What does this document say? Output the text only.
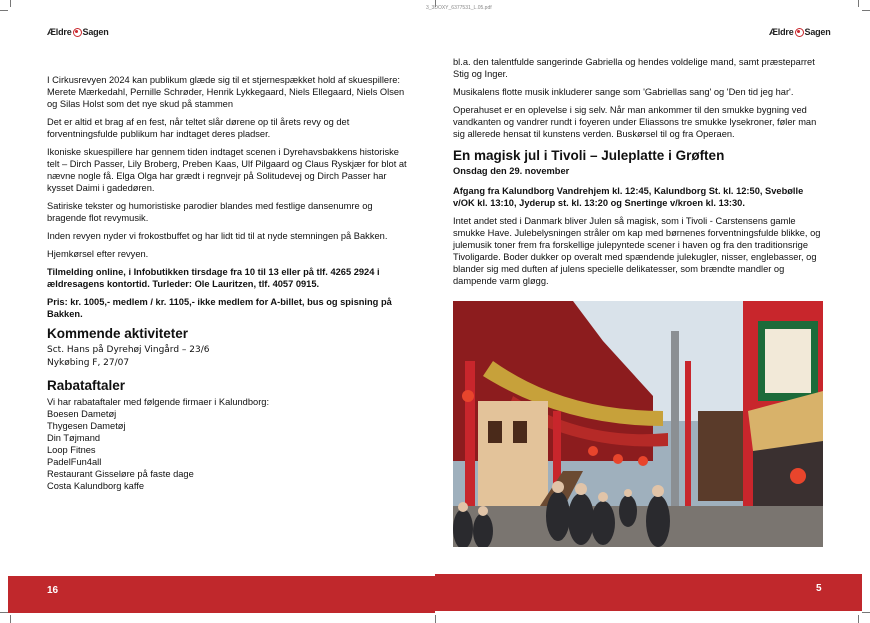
3_3DOXY_6377531_L.05.pdf
Ældre Sagen

I Cirkusrevyen 2024 kan publikum glæde sig til et stjernespækket hold af skuespillere: Merete Mærkedahl, Pernille Schrøder, Henrik Lykkegaard, Niels Ellegaard, Niels Olsen og Silas Holst som det nye skud på stammen

Det er altid et brag af en fest, når teltet slår dørene op til årets revy og det forventningsfulde publikum har indtaget deres pladser.

Ikoniske skuespillere har gennem tiden indtaget scenen i Dyrehavsbakkens historiske telt – Dirch Passer, Lily Broberg, Preben Kaas, Ulf Pilgaard og Claus Ryskjær for blot at nævne nogle få. Elga Olga har grædt i regnvejr på Solitudevej og Dirch Passer har kysset Daimi i gadedøren.

Satiriske tekster og humoristiske parodier blandes med festlige dansenumre og bragende flot revymusik.

Inden revyen nyder vi frokostbuffet og har lidt tid til at nyde stemningen på Bakken.

Hjemkørsel efter revyen.

Tilmelding online, i Infobutikken tirsdage fra 10 til 13 eller på tlf. 4265 2924 i ældresagens kontortid. Turleder: Ole Lauritzen, tlf. 4057 0915.

Pris: kr. 1005,- medlem / kr. 1105,- ikke medlem for A-billet, bus og spisning på Bakken.

Kommende aktiviteter
Sct. Hans på Dyrehøj Vingård – 23/6
Nykøbing F, 27/07
Rabataftaler
Vi har rabataftaler med følgende firmaer i Kalundborg:
Boesen Dametøj
Thygesen Dametøj
Din Tøjmand
Loop Fitnes
PadelFun4all
Restaurant Gisseløre på faste dage
Costa Kalundborg kaffe
16
Ældre Sagen

bl.a. den talentfulde sangerinde Gabriella og hendes voldelige mand, samt præsteparret Stig og Inger.

Musikalens flotte musik inkluderer sange som 'Gabriellas sang' og 'Den tid jeg har'.

Operahuset er en oplevelse i sig selv. Når man ankommer til den smukke bygning ved vandkanten og vandrer rundt i foyeren under Eliassons tre smukke lysekroner, føler man sig allerede hensat til kunstens verden. Buskørsel til og fra Operaen.

En magisk jul i Tivoli – Juleplatte i Grøften

Onsdag den 29. november

Afgang fra Kalundborg Vandrehjem kl. 12:45, Kalundborg St. kl. 12:50, Svebølle v/OK kl. 13:10, Jyderup st. kl. 13:20 og Snertinge v/kroen kl. 13:30.

Intet andet sted i Danmark bliver Julen så magisk, som i Tivoli - Carstensens gamle smukke Have. Julebelysningen stråler om kap med børnenes forventningsfulde blikke, og julemusik toner frem fra forskellige julepyntede scener i haven og fra den traditionsrige Tivoligarde. Boder dukker op overalt med spændende julekugler, nisser, englebasser, og blander sig med duften af julens specielle delikatesser, som brændte mandler og dampende varm gløgg.

5
